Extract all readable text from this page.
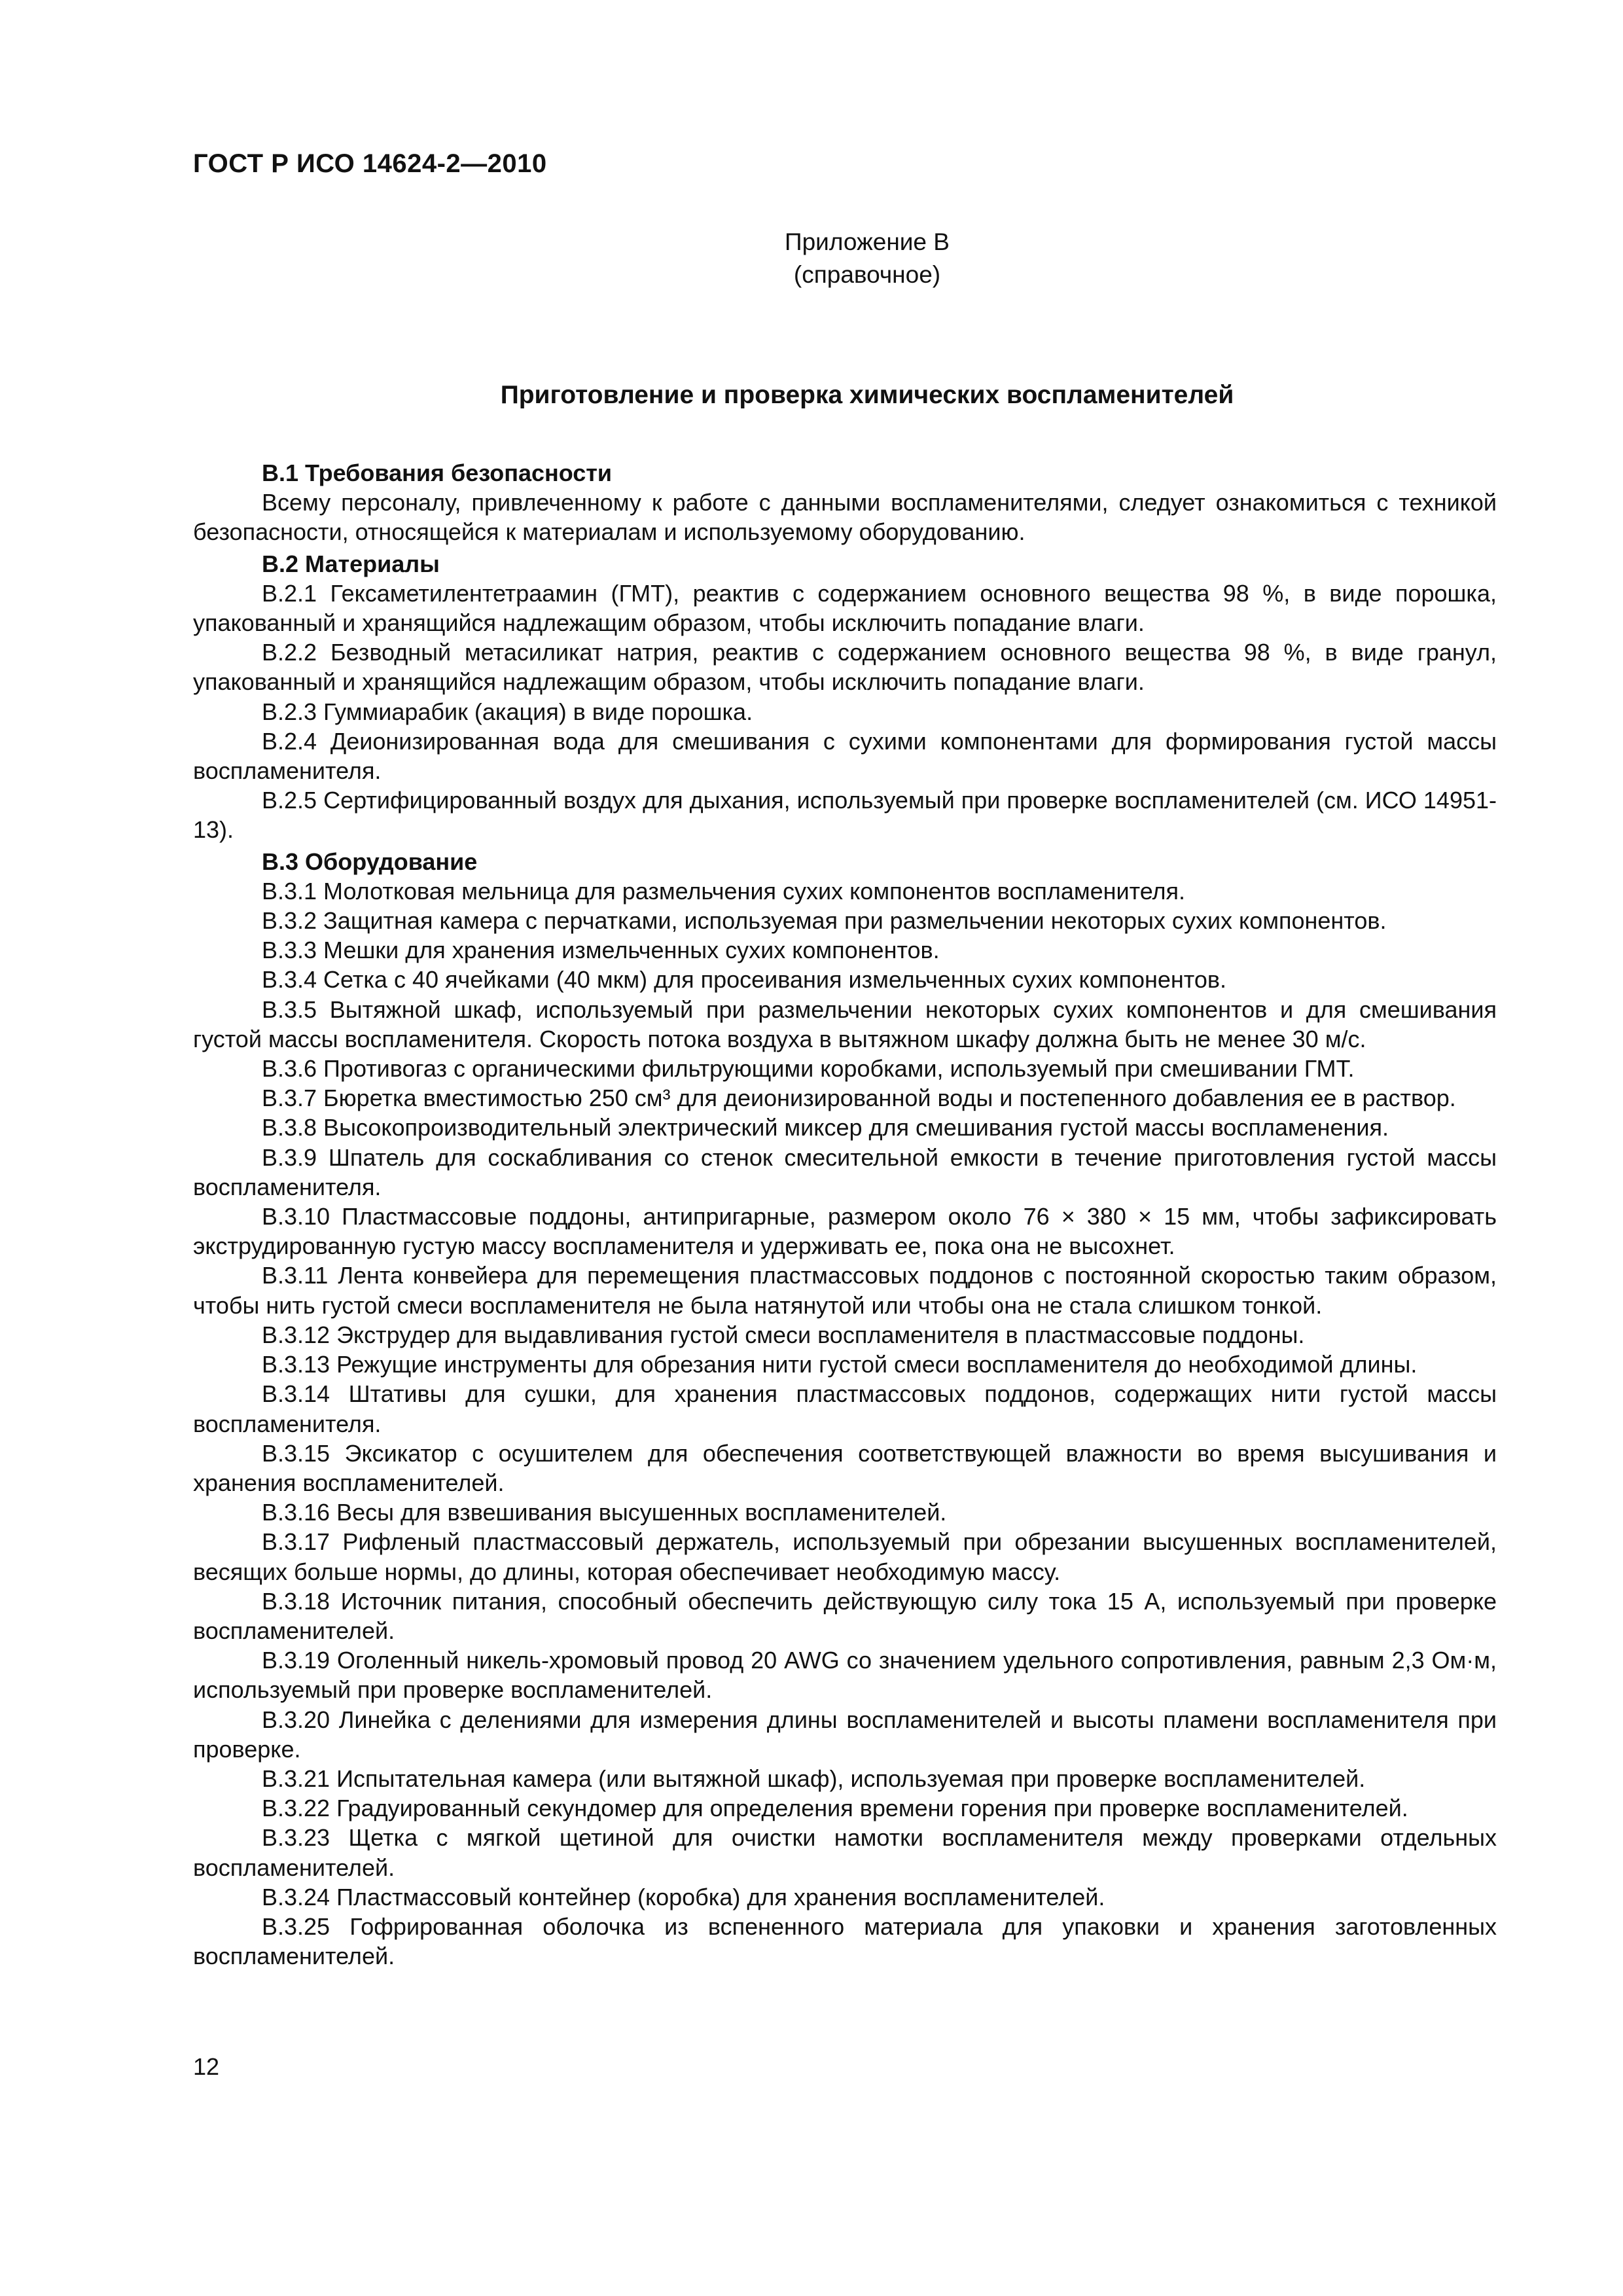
ГОСТ Р ИСО 14624-2—2010
Приложение В
(справочное)
Приготовление и проверка химических воспламенителей

В.1 Требования безопасности

Всему персоналу, привлеченному к работе с данными воспламенителями, следует ознакомиться с техникой безопасности, относящейся к материалам и используемому оборудованию.

В.2 Материалы

В.2.1 Гексаметилентетраамин (ГМТ), реактив с содержанием основного вещества 98 %, в виде порошка, упакованный и хранящийся надлежащим образом, чтобы исключить попадание влаги.

В.2.2 Безводный метасиликат натрия, реактив с содержанием основного вещества 98 %, в виде гранул, упакованный и хранящийся надлежащим образом, чтобы исключить попадание влаги.

В.2.3 Гуммиарабик (акация) в виде порошка.

В.2.4 Деионизированная вода для смешивания с сухими компонентами для формирования густой массы воспламенителя.

В.2.5 Сертифицированный воздух для дыхания, используемый при проверке воспламенителей (см. ИСО 14951-13).

В.3 Оборудование

В.3.1 Молотковая мельница для размельчения сухих компонентов воспламенителя.

В.3.2 Защитная камера с перчатками, используемая при размельчении некоторых сухих компонентов.

В.3.3 Мешки для хранения измельченных сухих компонентов.

В.3.4 Сетка с 40 ячейками (40 мкм) для просеивания измельченных сухих компонентов.

В.3.5 Вытяжной шкаф, используемый при размельчении некоторых сухих компонентов и для смешивания густой массы воспламенителя. Скорость потока воздуха в вытяжном шкафу должна быть не менее 30 м/с.

В.3.6 Противогаз с органическими фильтрующими коробками, используемый при смешивании ГМТ.

В.3.7 Бюретка вместимостью 250 см³ для деионизированной воды и постепенного добавления ее в раствор.

В.3.8 Высокопроизводительный электрический миксер для смешивания густой массы воспламенения.

В.3.9 Шпатель для соскабливания со стенок смесительной емкости в течение приготовления густой массы воспламенителя.

В.3.10 Пластмассовые поддоны, антипригарные, размером около 76 × 380 × 15 мм, чтобы зафиксировать экструдированную густую массу воспламенителя и удерживать ее, пока она не высохнет.

В.3.11 Лента конвейера для перемещения пластмассовых поддонов с постоянной скоростью таким образом, чтобы нить густой смеси воспламенителя не была натянутой или чтобы она не стала слишком тонкой.

В.3.12 Экструдер для выдавливания густой смеси воспламенителя в пластмассовые поддоны.

В.3.13 Режущие инструменты для обрезания нити густой смеси воспламенителя до необходимой длины.

В.3.14 Штативы для сушки, для хранения пластмассовых поддонов, содержащих нити густой массы воспламенителя.

В.3.15 Эксикатор с осушителем для обеспечения соответствующей влажности во время высушивания и хранения воспламенителей.

В.3.16 Весы для взвешивания высушенных воспламенителей.

В.3.17 Рифленый пластмассовый держатель, используемый при обрезании высушенных воспламенителей, весящих больше нормы, до длины, которая обеспечивает необходимую массу.

В.3.18 Источник питания, способный обеспечить действующую силу тока 15 А, используемый при проверке воспламенителей.

В.3.19 Оголенный никель-хромовый провод 20 AWG со значением удельного сопротивления, равным 2,3 Ом·м, используемый при проверке воспламенителей.

В.3.20 Линейка с делениями для измерения длины воспламенителей и высоты пламени воспламенителя при проверке.

В.3.21 Испытательная камера (или вытяжной шкаф), используемая при проверке воспламенителей.

В.3.22 Градуированный секундомер для определения времени горения при проверке воспламенителей.

В.3.23 Щетка с мягкой щетиной для очистки намотки воспламенителя между проверками отдельных воспламенителей.

В.3.24 Пластмассовый контейнер (коробка) для хранения воспламенителей.

В.3.25 Гофрированная оболочка из вспененного материала для упаковки и хранения заготовленных воспламенителей.

12
